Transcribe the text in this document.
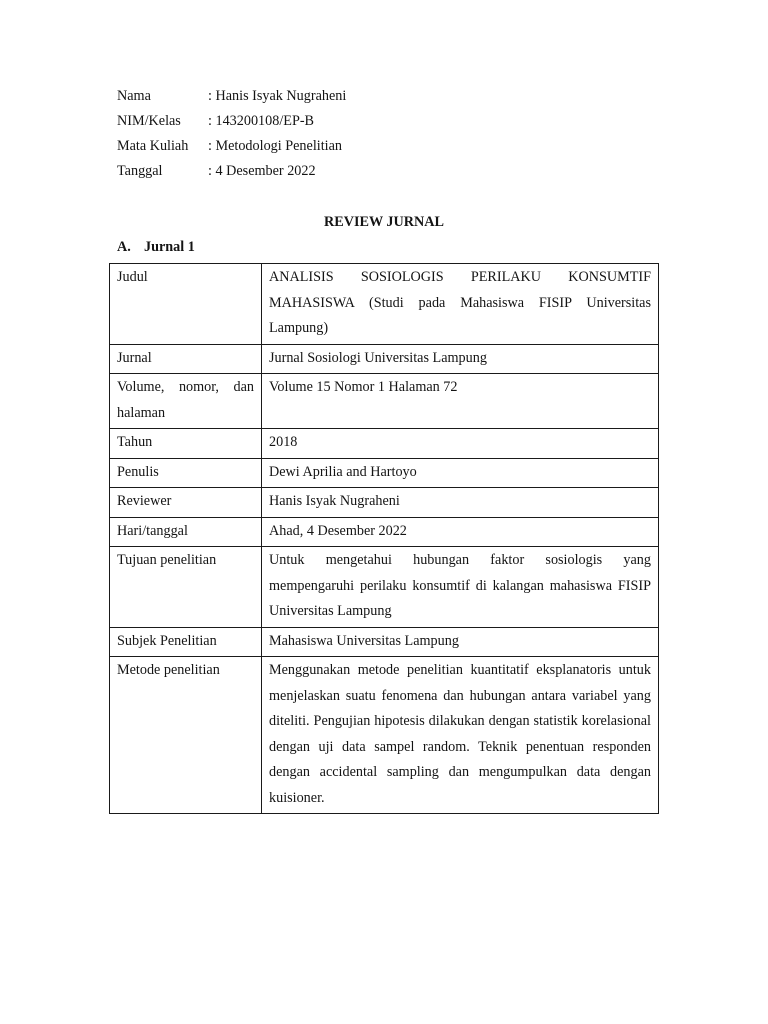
Nama	: Hanis Isyak Nugraheni
NIM/Kelas	: 143200108/EP-B
Mata Kuliah	: Metodologi Penelitian
Tanggal	: 4 Desember 2022
REVIEW JURNAL
A. Jurnal 1
Judul	ANALISIS SOSIOLOGIS PERILAKU KONSUMTIF MAHASISWA (Studi pada Mahasiswa FISIP Universitas Lampung)
Jurnal	Jurnal Sosiologi Universitas Lampung
Volume, nomor, dan halaman	Volume 15 Nomor 1 Halaman 72
Tahun	2018
Penulis	Dewi Aprilia and Hartoyo
Reviewer	Hanis Isyak Nugraheni
Hari/tanggal	Ahad, 4 Desember 2022
Tujuan penelitian	Untuk mengetahui hubungan faktor sosiologis yang mempengaruhi perilaku konsumtif di kalangan mahasiswa FISIP Universitas Lampung
Subjek Penelitian	Mahasiswa Universitas Lampung
Metode penelitian	Menggunakan metode penelitian kuantitatif eksplanatoris untuk menjelaskan suatu fenomena dan hubungan antara variabel yang diteliti. Pengujian hipotesis dilakukan dengan statistik korelasional dengan uji data sampel random. Teknik penentuan responden dengan accidental sampling dan mengumpulkan data dengan kuisioner.
